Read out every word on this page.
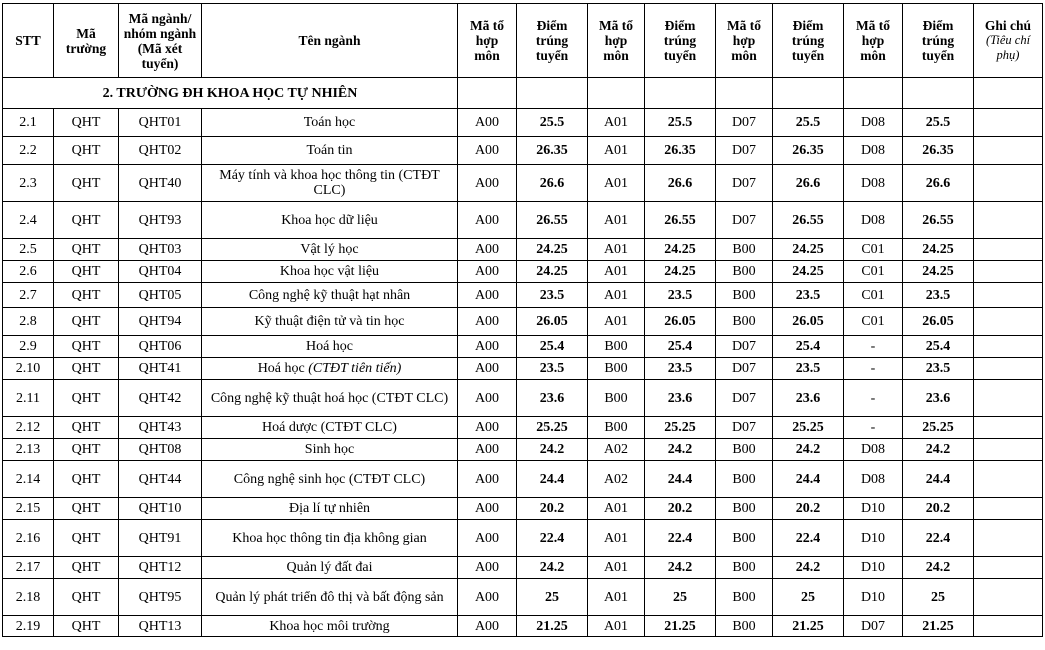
STT	Mã trường	Mã ngành/ nhóm ngành (Mã xét tuyển)	Tên ngành	Mã tổ hợp môn	Điểm trúng tuyển	Mã tổ hợp môn	Điểm trúng tuyển	Mã tổ hợp môn	Điểm trúng tuyển	Mã tổ hợp môn	Điểm trúng tuyển	Ghi chú
(Tiêu chí phụ)

2. TRƯỜNG ĐH KHOA HỌC TỰ NHIÊN												
2.1	QHT	QHT01	Toán học	A00	25.5	A01	25.5	D07	25.5	D08	25.5	
2.2	QHT	QHT02	Toán tin	A00	26.35	A01	26.35	D07	26.35	D08	26.35	
2.3	QHT	QHT40	Máy tính và khoa học thông tin (CTĐT CLC)	A00	26.6	A01	26.6	D07	26.6	D08	26.6	
2.4	QHT	QHT93	Khoa học dữ liệu	A00	26.55	A01	26.55	D07	26.55	D08	26.55	
2.5	QHT	QHT03	Vật lý học	A00	24.25	A01	24.25	B00	24.25	C01	24.25	
2.6	QHT	QHT04	Khoa học vật liệu	A00	24.25	A01	24.25	B00	24.25	C01	24.25	
2.7	QHT	QHT05	Công nghệ kỹ thuật hạt nhân	A00	23.5	A01	23.5	B00	23.5	C01	23.5	
2.8	QHT	QHT94	Kỹ thuật điện tử và tin học	A00	26.05	A01	26.05	B00	26.05	C01	26.05	
2.9	QHT	QHT06	Hoá học	A00	25.4	B00	25.4	D07	25.4	-	25.4	
2.10	QHT	QHT41	Hoá học (CTĐT tiên tiến)	A00	23.5	B00	23.5	D07	23.5	-	23.5	
2.11	QHT	QHT42	Công nghệ kỹ thuật hoá học (CTĐT CLC)	A00	23.6	B00	23.6	D07	23.6	-	23.6	
2.12	QHT	QHT43	Hoá dược (CTĐT CLC)	A00	25.25	B00	25.25	D07	25.25	-	25.25	
2.13	QHT	QHT08	Sinh học	A00	24.2	A02	24.2	B00	24.2	D08	24.2	
2.14	QHT	QHT44	Công nghệ sinh học (CTĐT CLC)	A00	24.4	A02	24.4	B00	24.4	D08	24.4	
2.15	QHT	QHT10	Địa lí tự nhiên	A00	20.2	A01	20.2	B00	20.2	D10	20.2	
2.16	QHT	QHT91	Khoa học thông tin địa không gian	A00	22.4	A01	22.4	B00	22.4	D10	22.4	
2.17	QHT	QHT12	Quản lý đất đai	A00	24.2	A01	24.2	B00	24.2	D10	24.2	
2.18	QHT	QHT95	Quản lý phát triển đô thị và bất động sản	A00	25	A01	25	B00	25	D10	25	
2.19	QHT	QHT13	Khoa học môi trường	A00	21.25	A01	21.25	B00	21.25	D07	21.25	
